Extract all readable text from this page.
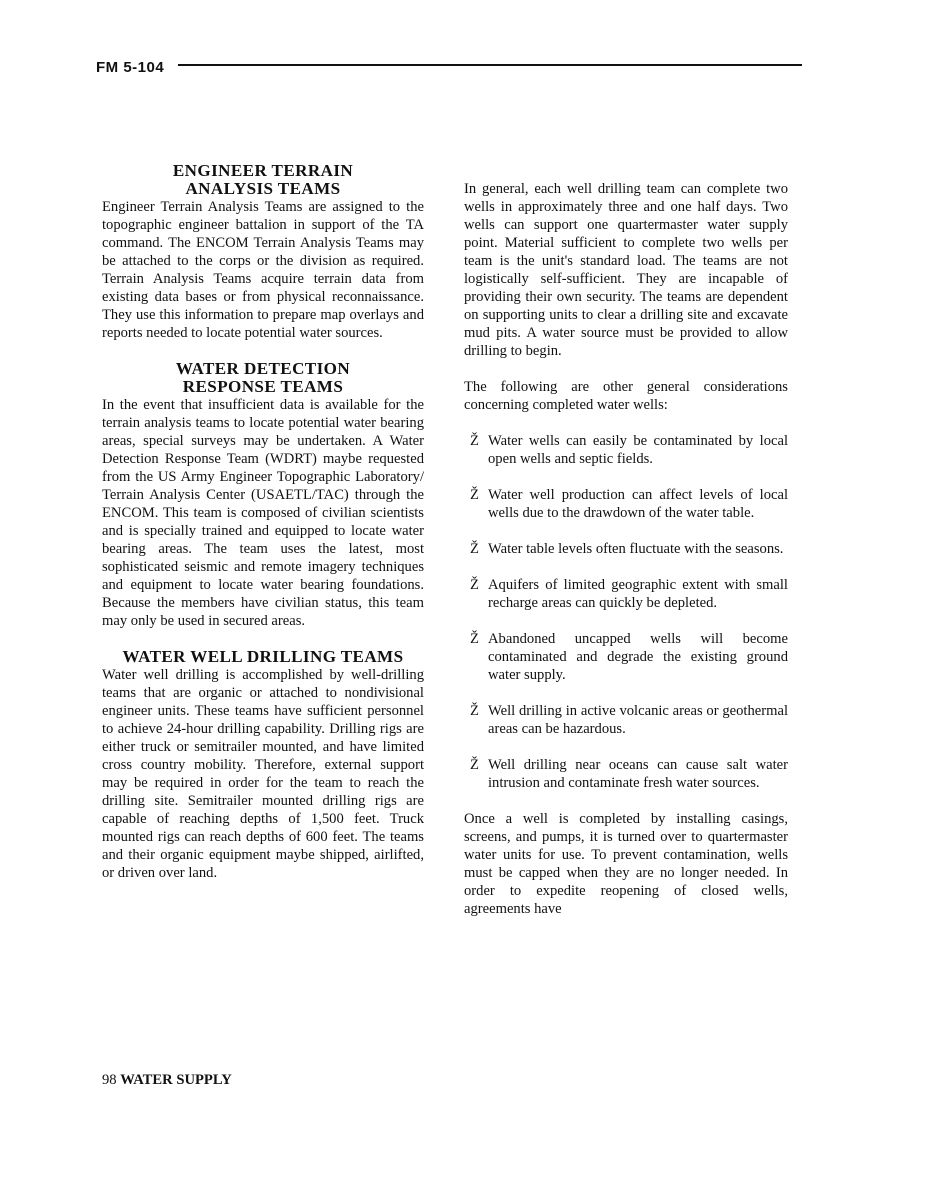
FM 5-104
ENGINEER TERRAIN
ANALYSIS TEAMS

Engineer Terrain Analysis Teams are assigned to the topographic engineer battalion in support of the TA command. The ENCOM Terrain Analysis Teams may be attached to the corps or the division as required. Terrain Analysis Teams acquire terrain data from existing data bases or from physical reconnaissance. They use this information to prepare map overlays and reports needed to locate potential water sources.

WATER DETECTION
RESPONSE TEAMS

In the event that insufficient data is available for the terrain analysis teams to locate potential water bearing areas, special surveys may be undertaken. A Water Detection Response Team (WDRT) maybe requested from the US Army Engineer Topographic Laboratory/ Terrain Analysis Center (USAETL/TAC) through the ENCOM. This team is composed of civilian scientists and is specially trained and equipped to locate water bearing areas. The team uses the latest, most sophisticated seismic and remote imagery techniques and equipment to locate water bearing foundations. Because the members have civilian status, this team may only be used in secured areas.

WATER WELL DRILLING TEAMS

Water well drilling is accomplished by well-drilling teams that are organic or attached to nondivisional engineer units. These teams have sufficient personnel to achieve 24-hour drilling capability. Drilling rigs are either truck or semitrailer mounted, and have limited cross country mobility. Therefore, external support may be required in order for the team to reach the drilling site. Semitrailer mounted drilling rigs are capable of reaching depths of 1,500 feet. Truck mounted rigs can reach depths of 600 feet. The teams and their organic equipment maybe shipped, airlifted, or driven over land.

In general, each well drilling team can complete two wells in approximately three and one half days. Two wells can support one quartermaster water supply point. Material sufficient to complete two wells per team is the unit's standard load. The teams are not logistically self-sufficient. They are incapable of providing their own security. The teams are dependent on supporting units to clear a drilling site and excavate mud pits. A water source must be provided to allow drilling to begin.

The following are other general considerations concerning completed water wells:

Ž Water wells can easily be contaminated by local open wells and septic fields.

Ž Water well production can affect levels of local wells due to the drawdown of the water table.

Ž Water table levels often fluctuate with the seasons.

Ž Aquifers of limited geographic extent with small recharge areas can quickly be depleted.

Ž Abandoned uncapped wells will become contaminated and degrade the existing ground water supply.

Ž Well drilling in active volcanic areas or geothermal areas can be hazardous.

Ž Well drilling near oceans can cause salt water intrusion and contaminate fresh water sources.

Once a well is completed by installing casings, screens, and pumps, it is turned over to quartermaster water units for use. To prevent contamination, wells must be capped when they are no longer needed. In order to expedite reopening of closed wells, agreements have

98 WATER SUPPLY
